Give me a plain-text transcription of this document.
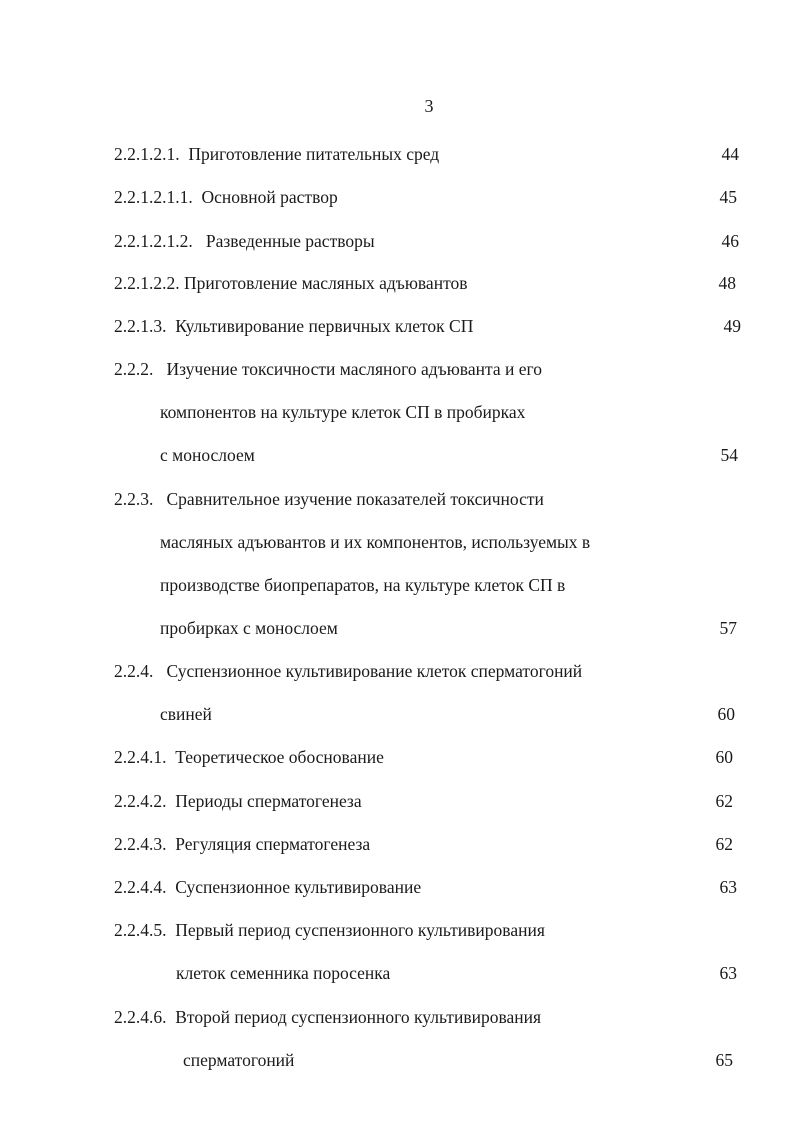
3
2.2.1.2.1. Приготовление питательных сред	44
2.2.1.2.1.1. Основной раствор	45
2.2.1.2.1.2. Разведенные растворы	46
2.2.1.2.2. Приготовление масляных адъювантов	48
2.2.1.3. Культивирование первичных клеток СП	49
2.2.2. Изучение токсичности масляного адъюванта и его
компонентов на культуре клеток СП в пробирках
с монослоем	54
2.2.3. Сравнительное изучение показателей токсичности
масляных адъювантов и их компонентов, используемых в
производстве биопрепаратов, на культуре клеток СП в
пробирках с монослоем	57
2.2.4. Суспензионное культивирование клеток сперматогоний
свиней	60
2.2.4.1. Теоретическое обоснование	60
2.2.4.2. Периоды сперматогенеза	62
2.2.4.3. Регуляция сперматогенеза	62
2.2.4.4. Суспензионное культивирование	63
2.2.4.5. Первый период суспензионного культивирования
клеток семенника поросенка	63
2.2.4.6. Второй период суспензионного культивирования
сперматогоний	65
